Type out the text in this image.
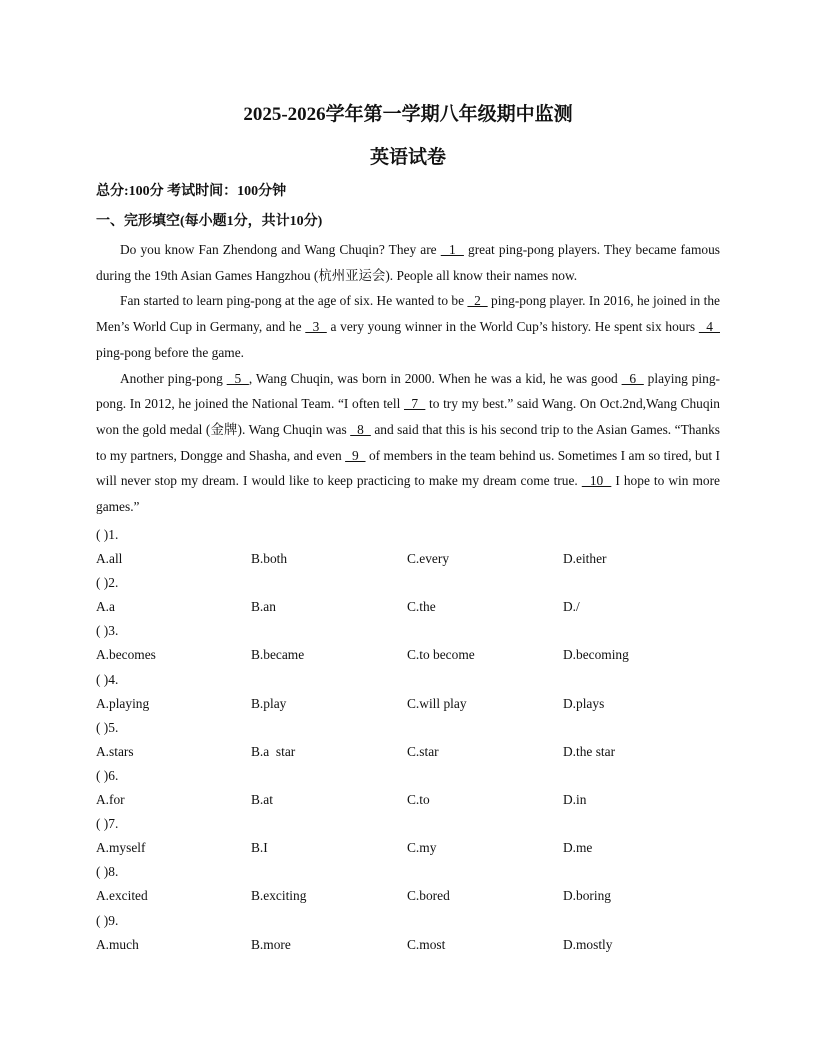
2025-2026学年第一学期八年级期中监测
英语试卷
总分:100分 考试时间：100分钟
一、完形填空(每小题1分，共计10分)

Do you know Fan Zhendong and Wang Chuqin? They are   1   great ping-pong players. They became famous during the 19th Asian Games Hangzhou (杭州亚运会). People all know their names now.

Fan started to learn ping-pong at the age of six. He wanted to be   2   ping-pong player. In 2016, he joined in the Men’s World Cup in Germany, and he   3   a very young winner in the World Cup’s history. He spent six hours   4   ping-pong before the game.

Another ping-pong   5  , Wang Chuqin, was born in 2000. When he was a kid, he was good   6   playing ping-pong. In 2012, he joined the National Team. “I often tell   7   to try my best.” said Wang. On Oct.2nd,Wang Chuqin won the gold medal (金牌). Wang Chuqin was   8   and said that this is his second trip to the Asian Games. “Thanks to my partners, Dongge and Shasha, and even   9   of members in the team behind us. Sometimes I am so tired, but I will never stop my dream. I would like to keep practicing to make my dream come true.   10   I hope to win more games.”

( )1.
A.all	B.both	C.every	D.either
( )2.
A.a	B.an	C.the	D./
( )3.
A.becomes	B.became	C.to become	D.becoming
( )4.
A.playing	B.play	C.will play	D.plays
( )5.
A.stars	B.a  star	C.star	D.the star
( )6.
A.for	B.at	C.to	D.in
( )7.
A.myself	B.I	C.my	D.me
( )8.
A.excited	B.exciting	C.bored	D.boring
( )9.
A.much	B.more	C.most	D.mostly
